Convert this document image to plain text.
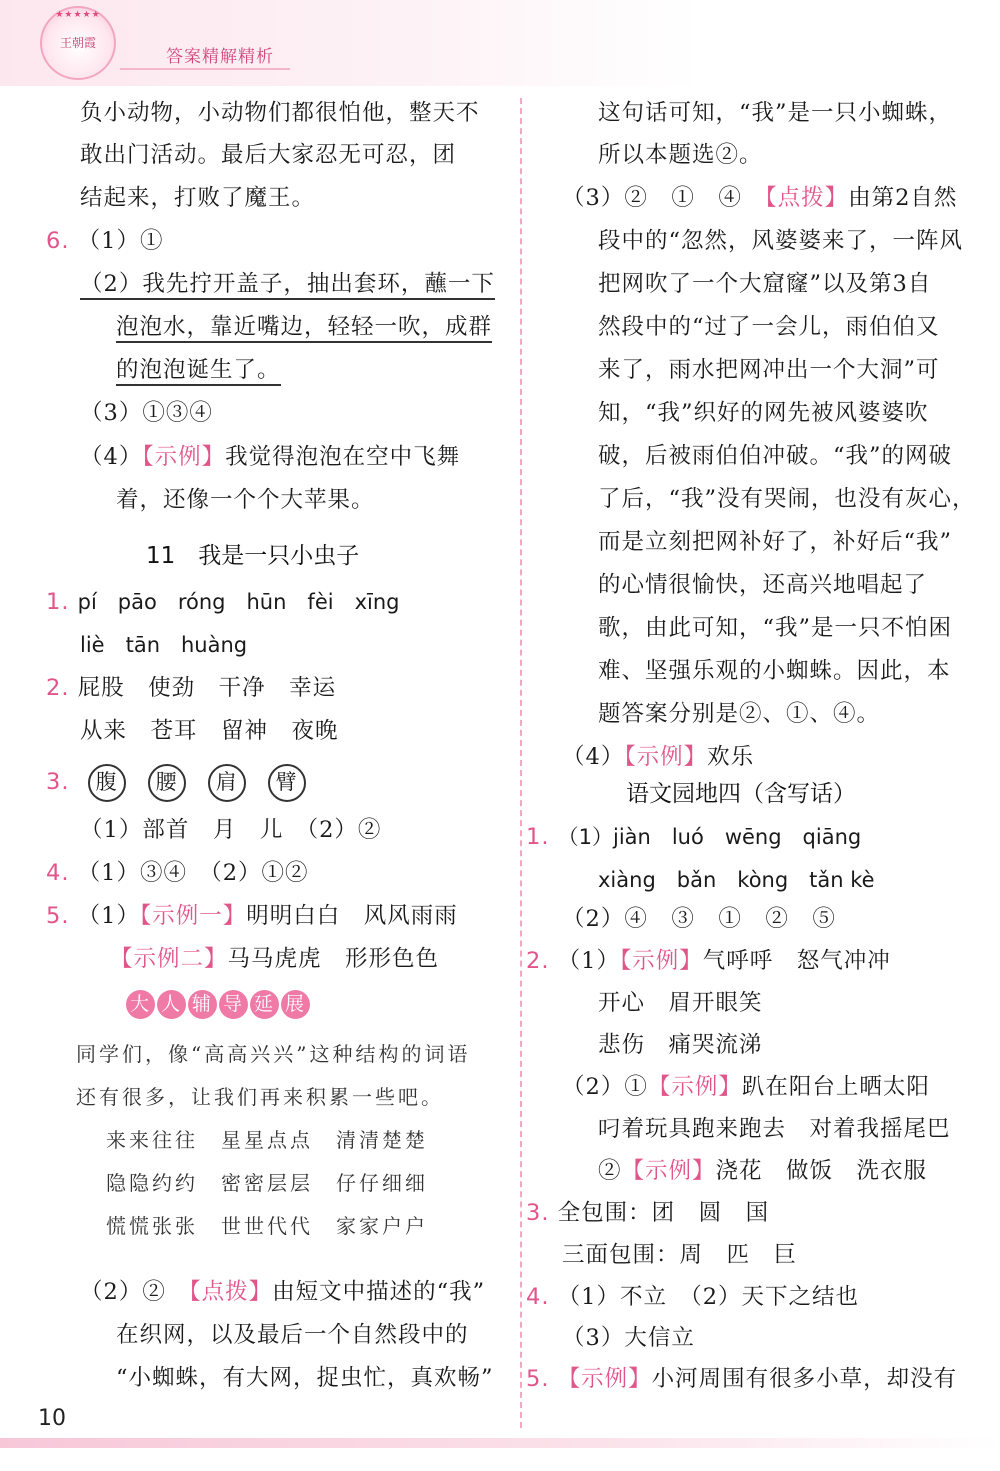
★★★★★
王朝霞
答案精解精析
负小动物，小动物们都很怕他，整天不
敢出门活动。最后大家忍无可忍，团
结起来，打败了魔王。
6. （1）①
（2）我先拧开盖子，抽出套环，蘸一下
泡泡水，靠近嘴边，轻轻一吹，成群
的泡泡诞生了。
（3）①③④
（4）【示例】我觉得泡泡在空中飞舞
着，还像一个个大苹果。
11　我是一只小虫子
1. pí　pāo　róng　hūn　fèi　xīng
liè　tān　huàng
2. 屁股　使劲　干净　幸运
从来　苍耳　留神　夜晚
3. 腹 腰 肩 臂
（1）部首　月　儿　（2）②
4. （1）③④　（2）①②
5. （1）【示例一】明明白白　风风雨雨
【示例二】马马虎虎　形形色色
大 人 辅 导 延 展
同学们，像“高高兴兴”这种结构的词语
还有很多，让我们再来积累一些吧。
来来往往　星星点点　清清楚楚
隐隐约约　密密层层　仔仔细细
慌慌张张　世世代代　家家户户
（2）②　【点拨】由短文中描述的“我”
在织网，以及最后一个自然段中的
“小蜘蛛，有大网，捉虫忙，真欢畅”
这句话可知，“我”是一只小蜘蛛，
所以本题选②。
（3）②　①　④　【点拨】由第2自然
段中的“忽然，风婆婆来了，一阵风
把网吹了一个大窟窿”以及第3自
然段中的“过了一会儿，雨伯伯又
来了，雨水把网冲出一个大洞”可
知，“我”织好的网先被风婆婆吹
破，后被雨伯伯冲破。“我”的网破
了后，“我”没有哭闹，也没有灰心，
而是立刻把网补好了，补好后“我”
的心情很愉快，还高兴地唱起了
歌，由此可知，“我”是一只不怕困
难、坚强乐观的小蜘蛛。因此，本
题答案分别是②、①、④。
（4）【示例】欢乐
语文园地四（含写话）
1. （1）jiàn　luó　wēng　qiāng
xiàng　bǎn　kòng　tǎn kè
（2）④　③　①　②　⑤
2. （1）【示例】气呼呼　怒气冲冲
开心　眉开眼笑
悲伤　痛哭流涕
（2）①【示例】趴在阳台上晒太阳
叼着玩具跑来跑去　对着我摇尾巴
②【示例】浇花　做饭　洗衣服
3. 全包围：团　圆　国
三面包围：周　匹　巨
4. （1）不立　（2）天下之结也
（3）大信立
5. 【示例】小河周围有很多小草，却没有
10
